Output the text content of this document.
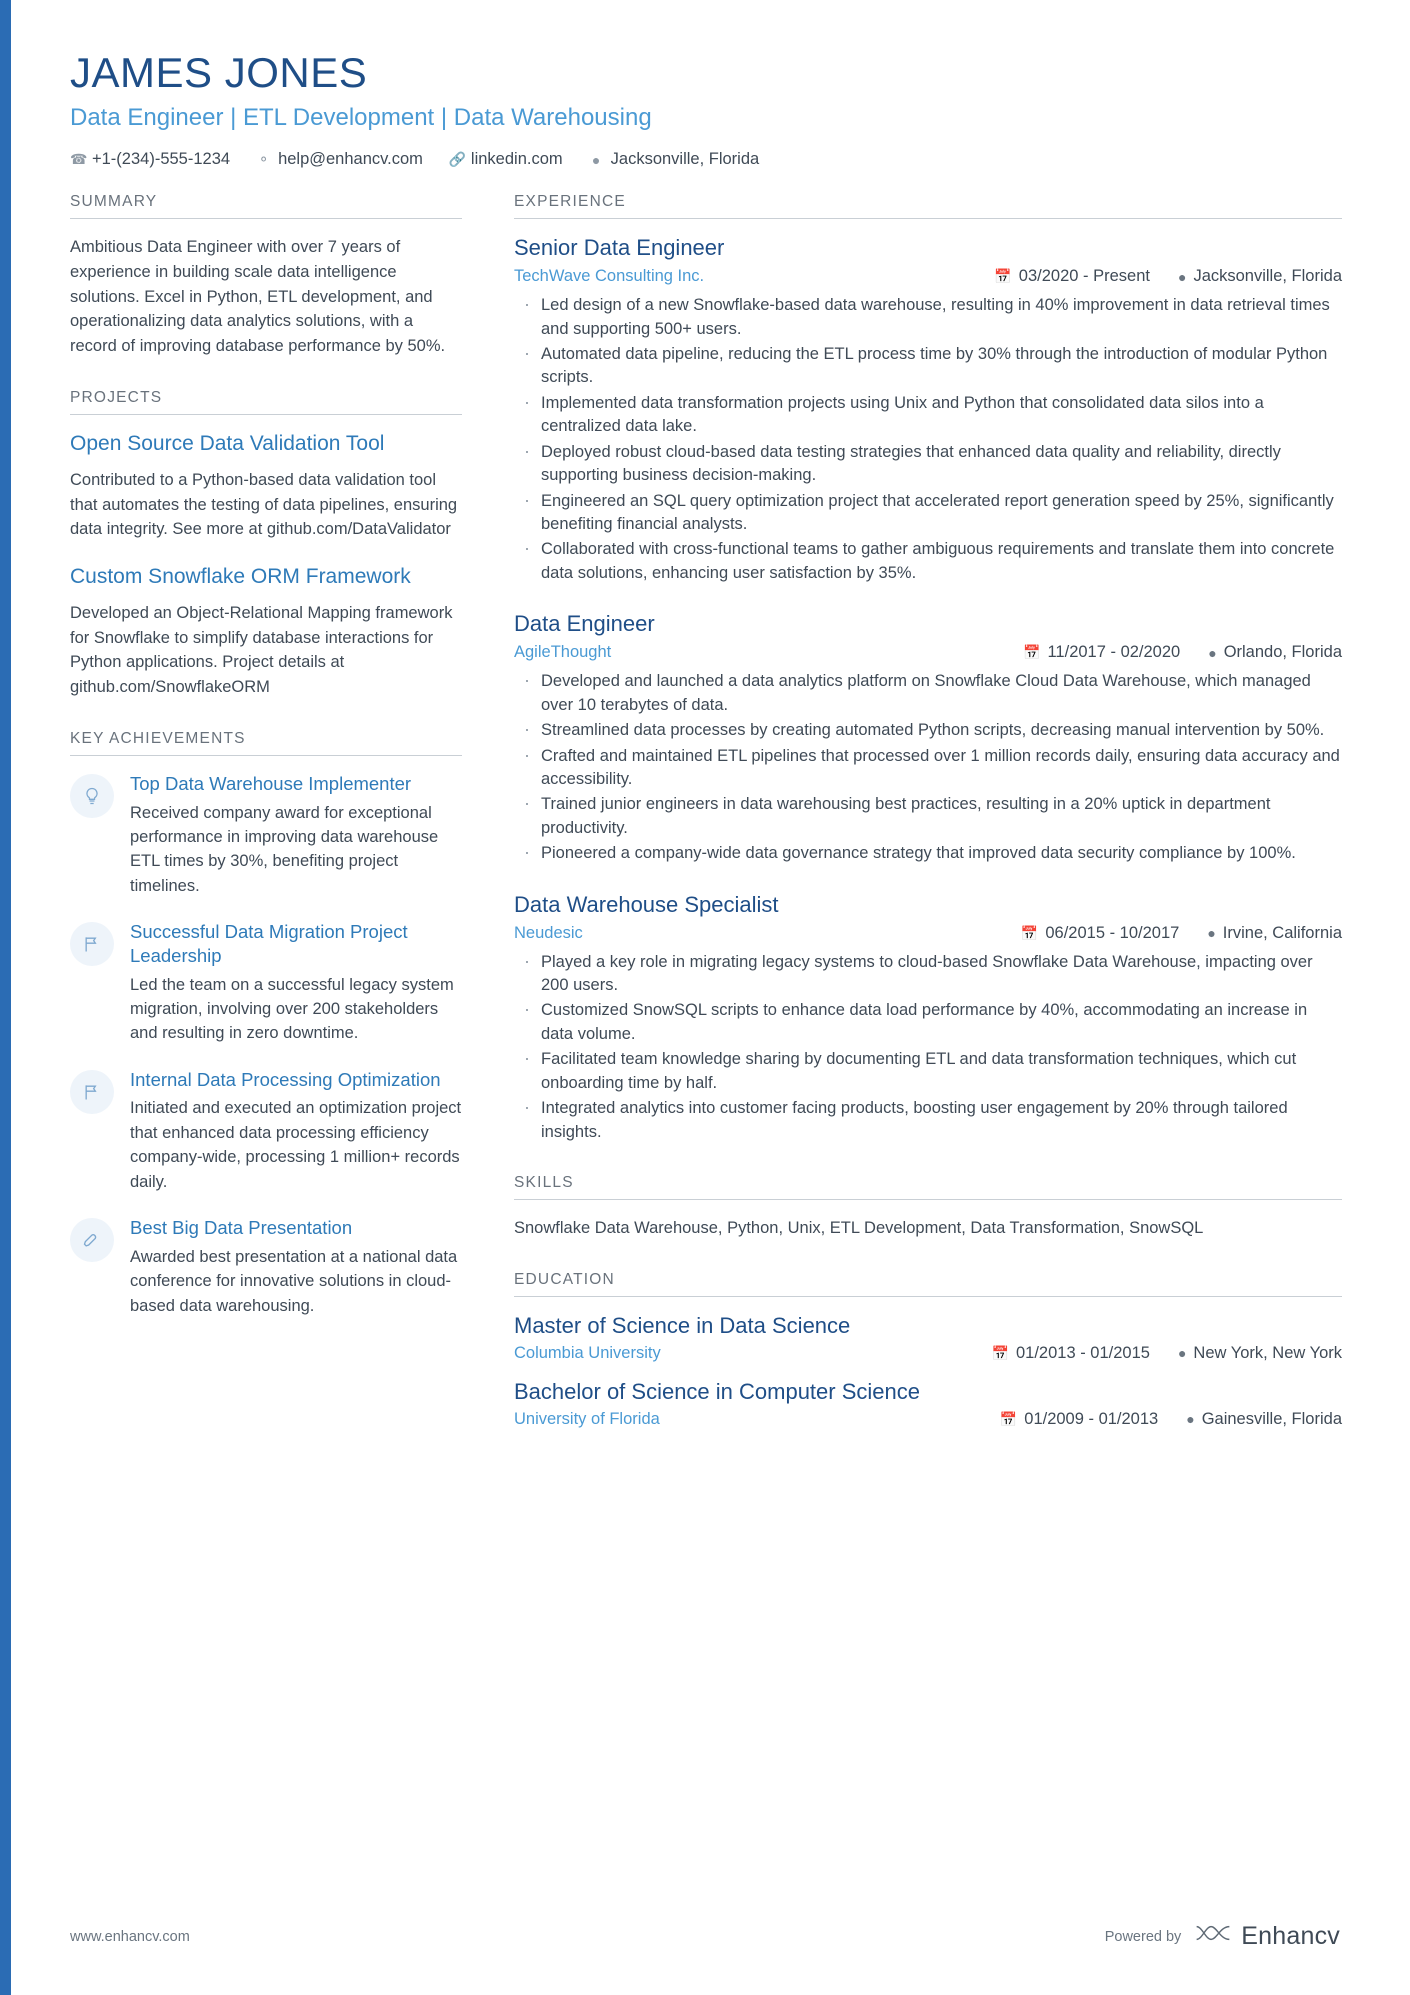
JAMES JONES
Data Engineer | ETL Development | Data Warehousing
☎ +1-(234)-555-1234 ⚬ help@enhancv.com 🔗 linkedin.com ● Jacksonville, Florida
SUMMARY
Ambitious Data Engineer with over 7 years of experience in building scale data intelligence solutions. Excel in Python, ETL development, and operationalizing data analytics solutions, with a record of improving database performance by 50%.
PROJECTS
Open Source Data Validation Tool
Contributed to a Python-based data validation tool that automates the testing of data pipelines, ensuring data integrity. See more at github.com/DataValidator
Custom Snowflake ORM Framework
Developed an Object-Relational Mapping framework for Snowflake to simplify database interactions for Python applications. Project details at github.com/SnowflakeORM
KEY ACHIEVEMENTS
Top Data Warehouse Implementer
Received company award for exceptional performance in improving data warehouse ETL times by 30%, benefiting project timelines.
Successful Data Migration Project Leadership
Led the team on a successful legacy system migration, involving over 200 stakeholders and resulting in zero downtime.
Internal Data Processing Optimization
Initiated and executed an optimization project that enhanced data processing efficiency company-wide, processing 1 million+ records daily.
Best Big Data Presentation
Awarded best presentation at a national data conference for innovative solutions in cloud-based data warehousing.
EXPERIENCE
Senior Data Engineer
TechWave Consulting Inc.	📅 03/2020 - Present ● Jacksonville, Florida
· Led design of a new Snowflake-based data warehouse, resulting in 40% improvement in data retrieval times and supporting 500+ users.
· Automated data pipeline, reducing the ETL process time by 30% through the introduction of modular Python scripts.
· Implemented data transformation projects using Unix and Python that consolidated data silos into a centralized data lake.
· Deployed robust cloud-based data testing strategies that enhanced data quality and reliability, directly supporting business decision-making.
· Engineered an SQL query optimization project that accelerated report generation speed by 25%, significantly benefiting financial analysts.
· Collaborated with cross-functional teams to gather ambiguous requirements and translate them into concrete data solutions, enhancing user satisfaction by 35%.
Data Engineer
AgileThought	📅 11/2017 - 02/2020 ● Orlando, Florida
· Developed and launched a data analytics platform on Snowflake Cloud Data Warehouse, which managed over 10 terabytes of data.
· Streamlined data processes by creating automated Python scripts, decreasing manual intervention by 50%.
· Crafted and maintained ETL pipelines that processed over 1 million records daily, ensuring data accuracy and accessibility.
· Trained junior engineers in data warehousing best practices, resulting in a 20% uptick in department productivity.
· Pioneered a company-wide data governance strategy that improved data security compliance by 100%.
Data Warehouse Specialist
Neudesic	📅 06/2015 - 10/2017 ● Irvine, California
· Played a key role in migrating legacy systems to cloud-based Snowflake Data Warehouse, impacting over 200 users.
· Customized SnowSQL scripts to enhance data load performance by 40%, accommodating an increase in data volume.
· Facilitated team knowledge sharing by documenting ETL and data transformation techniques, which cut onboarding time by half.
· Integrated analytics into customer facing products, boosting user engagement by 20% through tailored insights.
SKILLS
Snowflake Data Warehouse, Python, Unix, ETL Development, Data Transformation, SnowSQL
EDUCATION
Master of Science in Data Science
Columbia University	📅 01/2013 - 01/2015 ● New York, New York
Bachelor of Science in Computer Science
University of Florida	📅 01/2009 - 01/2013 ● Gainesville, Florida
www.enhancv.com	Powered by Enhancv
